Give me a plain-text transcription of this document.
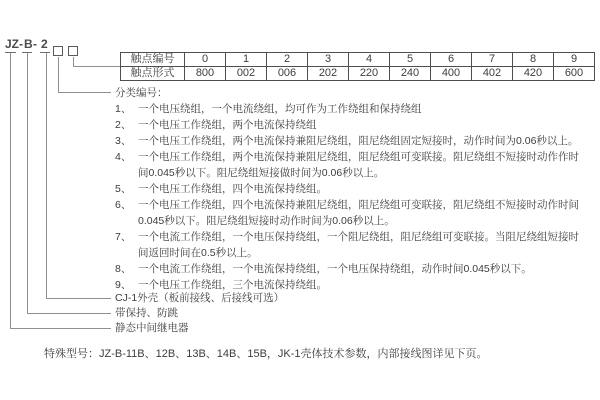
JZ - B - 2
触点编号	0	1	2	3	4	5	6	7	8	9
触点形式	800	002	006	202	220	240	400	402	420	600
分类编号：
1、 一个电压绕组，一个电流绕组，均可作为工作绕组和保持绕组
2、 一个电压工作绕组，两个电流保持绕组
3、 一个电压工作绕组，两个电流保持兼阻尼绕组，阻尼绕组固定短接时，动作时间为0.06秒以上。
4、 一个电压工作绕组，两个电流保持兼阻尼绕组，阻尼绕组可变联接。阻尼绕组不短接时动作作时
间0.045秒以下。阻尼绕组短接做时间为0.06秒以上。
5、 一个电压工作绕组，四个电流保持绕组。
6、 一个电压工作绕组，四个电流保持兼阻尼绕组，阻尼绕组可变联接，阻尼绕组不短接时动作时间
0.045秒以下。阻尼绕组短接时动作时间为0.06秒以上。
7、 一个电流工作绕组，一个电压保持绕组，一个阻尼绕组，阻尼绕组可变联接。当阻尼绕组短接时
间返回时间在0.5秒以上。
8、 一个电流工作绕组，一个电流保持绕组，一个电压保持绕组，动作时间0.045秒以下。
9、 一个电压工作绕组，三个电流保持绕组。
CJ-1外壳（板前接线、后接线可选）
带保持、防跳
静态中间继电器
特殊型号：JZ-B-11B、12B、13B、14B、15B，JK-1壳体技术参数，内部接线图详见下页。
